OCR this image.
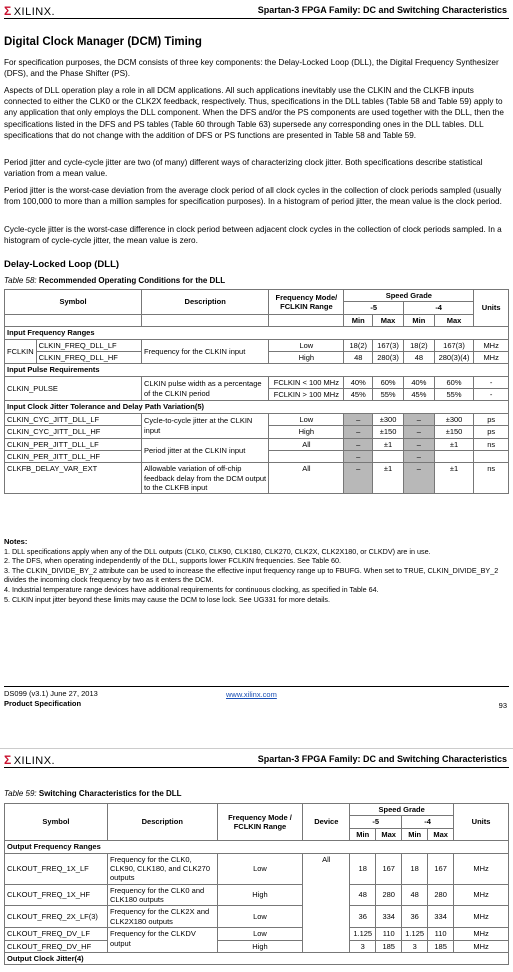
Σ XILINX.	Spartan-3 FPGA Family: DC and Switching Characteristics
Digital Clock Manager (DCM) Timing
For specification purposes, the DCM consists of three key components: the Delay-Locked Loop (DLL), the Digital Frequency Synthesizer (DFS), and the Phase Shifter (PS).
Aspects of DLL operation play a role in all DCM applications. All such applications inevitably use the CLKIN and the CLKFB inputs connected to either the CLK0 or the CLK2X feedback, respectively. Thus, specifications in the DLL tables (Table 58 and Table 59) apply to any application that only employs the DLL component. When the DFS and/or the PS components are used together with the DLL, then the specifications listed in the DFS and PS tables (Table 60 through Table 63) supersede any corresponding ones in the DLL tables. DLL specifications that do not change with the addition of DFS or PS functions are presented in Table 58 and Table 59.
Period jitter and cycle-cycle jitter are two (of many) different ways of characterizing clock jitter. Both specifications describe statistical variation from a mean value.
Period jitter is the worst-case deviation from the average clock period of all clock cycles in the collection of clock periods sampled (usually from 100,000 to more than a million samples for specification purposes). In a histogram of period jitter, the mean value is the clock period.
Cycle-cycle jitter is the worst-case difference in clock period between adjacent clock cycles in the collection of clock periods sampled. In a histogram of cycle-cycle jitter, the mean value is zero.
Delay-Locked Loop (DLL)
Table 58: Recommended Operating Conditions for the DLL
Symbol		Description	Frequency Mode/ FCLKIN Range	Speed Grade				Units
				-5		-4		
				Min	Max	Min	Max	
Input Frequency Ranges								
FCLKIN	CLKIN_FREQ_DLL_LF	Frequency for the CLKIN input	Low	18(2)	167(3)	18(2)	167(3)	MHz
	CLKIN_FREQ_DLL_HF		High	48	280(3)	48	280(3)(4)	MHz
Input Pulse Requirements								
CLKIN_PULSE		CLKIN pulse width as a percentage of the CLKIN period	FCLKIN < 100 MHz	40%	60%	40%	60%	-
			FCLKIN > 100 MHz	45%	55%	45%	55%	-
Input Clock Jitter Tolerance and Delay Path Variation(5)								
CLKIN_CYC_JITT_DLL_LF		Cycle-to-cycle jitter at the CLKIN input	Low	–	±300	–	±300	ps
CLKIN_CYC_JITT_DLL_HF			High	–	±150	–	±150	ps
CLKIN_PER_JITT_DLL_LF		Period jitter at the CLKIN input	All	–	±1	–	±1	ns
CLKIN_PER_JITT_DLL_HF				–		–		
CLKFB_DELAY_VAR_EXT		Allowable variation of off-chip feedback delay from the DCM output to the CLKFB input	All	–	±1	–	±1	ns
Notes:
1. DLL specifications apply when any of the DLL outputs (CLK0, CLK90, CLK180, CLK270, CLK2X, CLK2X180, or CLKDV) are in use.
2. The DFS, when operating independently of the DLL, supports lower FCLKIN frequencies. See Table 60.
3. The CLKIN_DIVIDE_BY_2 attribute can be used to increase the effective input frequency range up to FBUFG. When set to TRUE, CLKIN_DIVIDE_BY_2 divides the incoming clock frequency by two as it enters the DCM.
4. Industrial temperature range devices have additional requirements for continuous clocking, as specified in Table 64.
5. CLKIN input jitter beyond these limits may cause the DCM to lose lock. See UG331 for more details.
DS099 (v3.1) June 27, 2013
Product Specification
www.xilinx.com
93
Σ XILINX.	Spartan-3 FPGA Family: DC and Switching Characteristics
Table 59: Switching Characteristics for the DLL
Symbol	Description	Frequency Mode / FCLKIN Range	Device	Speed Grade				Units
				-5		-4		
				Min	Max	Min	Max	
Output Frequency Ranges								
CLKOUT_FREQ_1X_LF	Frequency for the CLK0, CLK90, CLK180, and CLK270 outputs	Low	All	18	167	18	167	MHz
CLKOUT_FREQ_1X_HF	Frequency for the CLK0 and CLK180 outputs	High		48	280	48	280	MHz
CLKOUT_FREQ_2X_LF(3)	Frequency for the CLK2X and CLK2X180 outputs	Low		36	334	36	334	MHz
CLKOUT_FREQ_DV_LF	Frequency for the CLKDV output	Low		1.125	110	1.125	110	MHz
CLKOUT_FREQ_DV_HF		High		3	185	3	185	MHz
Output Clock Jitter(4)								
